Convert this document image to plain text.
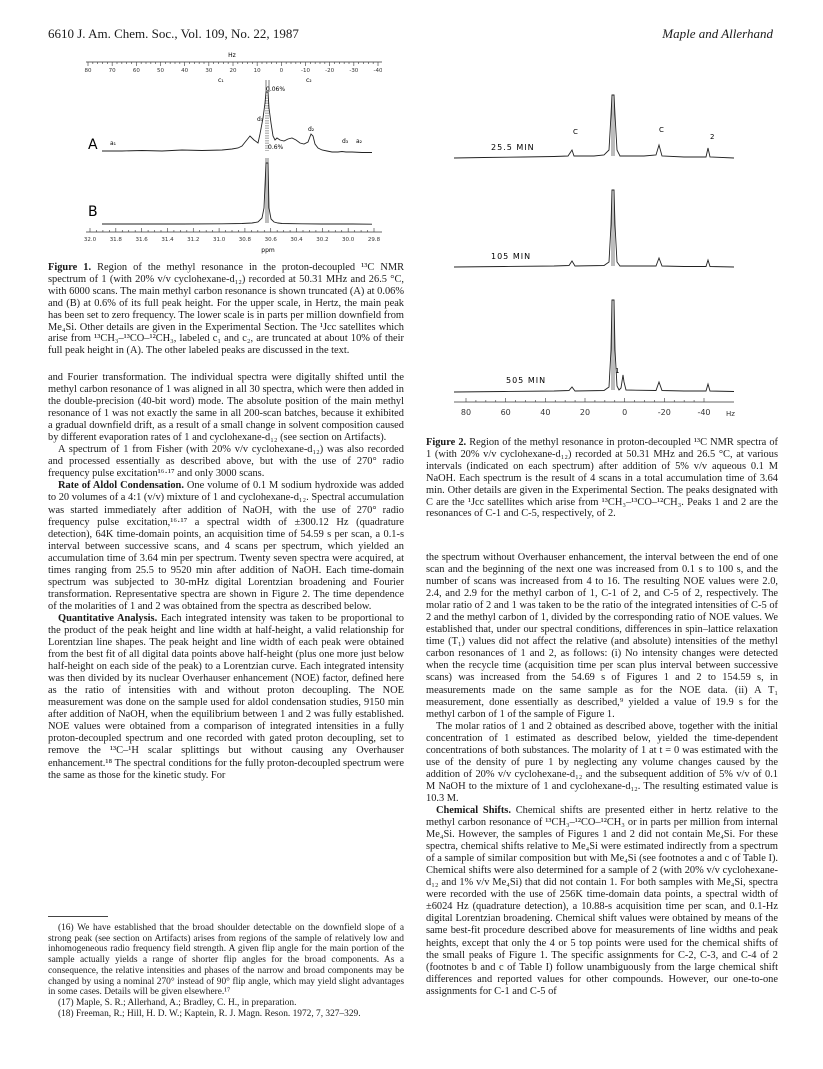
6610 J. Am. Chem. Soc., Vol. 109, No. 22, 1987	Maple and Allerhand
Hz
80	70	60	50	40	30	20	10	0	-10	-20	-30	-40
c₁	c₂
0.06%
d₁
d₂
0.6%
d₃ a₂
a₁
A
B
32.0 31.8 31.6 31.4 31.2 31.0 30.8 30.6 30.4 30.2 30.0 29.8
ppm
Figure 1. Region of the methyl resonance in the proton-decoupled ¹³C NMR spectrum of 1 (with 20% v/v cyclohexane-d₁₂) recorded at 50.31 MHz and 26.5 °C, with 6000 scans. The main methyl carbon resonance is shown truncated (A) at 0.06% and (B) at 0.6% of its full peak height. For the upper scale, in Hertz, the main peak has been set to zero frequency. The lower scale is in parts per million downfield from Me₄Si. Other details are given in the Experimental Section. The ¹Jcc satellites which arise from ¹³CH₃–¹³CO–¹²CH₃, labeled c₁ and c₂, are truncated at about 10% of their full peak height in (A). The other labeled peaks are discussed in the text.
C	C
2
25.5 MIN
105 MIN
1
505 MIN
80	60	40	20	0	-20	-40 Hz
Figure 2. Region of the methyl resonance in proton-decoupled ¹³C NMR spectra of 1 (with 20% v/v cyclohexane-d₁₂) recorded at 50.31 MHz and 26.5 °C, at various intervals (indicated on each spectrum) after addition of 5% v/v aqueous 0.1 M NaOH. Each spectrum is the result of 4 scans in a total accumulation time of 3.64 min. Other details are given in the Experimental Section. The peaks designated with C are the ¹Jcc satellites which arise from ¹³CH₃–¹³CO–¹²CH₃. Peaks 1 and 2 are the resonances of C-1 and C-5, respectively, of 2.

and Fourier transformation. The individual spectra were digitally shifted until the methyl carbon resonance of 1 was aligned in all 30 spectra, which were then added in the double-precision (40-bit word) mode. The absolute position of the main methyl resonance of 1 was not exactly the same in all 200-scan batches, because it exhibited a gradual downfield drift, as a result of a small change in solvent composition caused by different evaporation rates of 1 and cyclohexane-d₁₂ (see section on Artifacts).

A spectrum of 1 from Fisher (with 20% v/v cyclohexane-d₁₂) was also recorded and processed essentially as described above, but with the use of 270° radio frequency pulse excitation¹⁶·¹⁷ and only 3000 scans.

Rate of Aldol Condensation. One volume of 0.1 M sodium hydroxide was added to 20 volumes of a 4:1 (v/v) mixture of 1 and cyclohexane-d₁₂. Spectral accumulation was started immediately after addition of NaOH, with the use of 270° radio frequency pulse excitation,¹⁶·¹⁷ a spectral width of ±300.12 Hz (quadrature detection), 64K time-domain points, an acquisition time of 54.59 s per scan, a 0.1-s interval between successive scans, and 4 scans per spectrum, which yielded an accumulation time of 3.64 min per spectrum. Twenty seven spectra were acquired, at times ranging from 25.5 to 9520 min after addition of NaOH. Each time-domain spectrum was subjected to 30-mHz digital Lorentzian broadening and Fourier transformation. Representative spectra are shown in Figure 2. The time dependence of the molarities of 1 and 2 was obtained from the spectra as described below.

Quantitative Analysis. Each integrated intensity was taken to be proportional to the product of the peak height and line width at half-height, a valid relationship for Lorentzian line shapes. The peak height and line width of each peak were obtained from the best fit of all digital data points above half-height (plus one more just below half-height on each side of the peak) to a Lorentzian curve. Each integrated intensity was then divided by its nuclear Overhauser enhancement (NOE) factor, defined here as the ratio of intensities with and without proton decoupling. The NOE measurement was done on the sample used for aldol condensation studies, 9150 min after addition of NaOH, when the equilibrium between 1 and 2 was fully established. NOE values were obtained from a comparison of integrated intensities in a fully proton-decoupled spectrum and one recorded with gated proton decoupling, set to remove the ¹³C–¹H scalar splittings but without causing any Overhauser enhancement.¹⁸ The spectral conditions for the fully proton-decoupled spectrum were the same as those for the kinetic study. For

(16) We have established that the broad shoulder detectable on the downfield slope of a strong peak (see section on Artifacts) arises from regions of the sample of relatively low and inhomogeneous radio frequency field strength. A given flip angle for the main portion of the sample actually yields a range of shorter flip angles for the broad components. As a consequence, the relative intensities and phases of the narrow and broad components may be changed by using a nominal 270° instead of 90° flip angle, which may yield slight advantages in some cases. Details will be given elsewhere.¹⁷

(17) Maple, S. R.; Allerhand, A.; Bradley, C. H., in preparation.

(18) Freeman, R.; Hill, H. D. W.; Kaptein, R. J. Magn. Reson. 1972, 7, 327–329.

the spectrum without Overhauser enhancement, the interval between the end of one scan and the beginning of the next one was increased from 0.1 s to 100 s, and the number of scans was increased from 4 to 16. The resulting NOE values were 2.0, 2.4, and 2.9 for the methyl carbon of 1, C-1 of 2, and C-5 of 2, respectively. The molar ratio of 2 and 1 was taken to be the ratio of the integrated intensities of C-5 of 2 and the methyl carbon of 1, divided by the corresponding ratio of NOE values. We established that, under our spectral conditions, differences in spin–lattice relaxation time (T₁) values did not affect the relative (and absolute) intensities of the methyl carbon resonances of 1 and 2, as follows: (i) No intensity changes were detected when the recycle time (acquisition time per scan plus interval between successive scans) was increased from the 54.69 s of Figures 1 and 2 to 154.59 s, in measurements made on the same sample as for the NOE data. (ii) A T₁ measurement, done essentially as described,⁹ yielded a value of 19.9 s for the methyl carbon of 1 of the sample of Figure 1.

The molar ratios of 1 and 2 obtained as described above, together with the initial concentration of 1 estimated as described below, yielded the time-dependent concentrations of both substances. The molarity of 1 at t = 0 was estimated with the use of the density of pure 1 by neglecting any volume changes caused by the addition of 20% v/v cyclohexane-d₁₂ and the subsequent addition of 5% v/v of 0.1 M NaOH to the mixture of 1 and cyclohexane-d₁₂. The resulting estimated value is 10.3 M.

Chemical Shifts. Chemical shifts are presented either in hertz relative to the methyl carbon resonance of ¹³CH₃–¹²CO–¹²CH₃ or in parts per million from internal Me₄Si. However, the samples of Figures 1 and 2 did not contain Me₄Si. For these spectra, chemical shifts relative to Me₄Si were estimated indirectly from a spectrum of a sample of similar composition but with Me₄Si (see footnotes a and c of Table I). Chemical shifts were also determined for a sample of 2 (with 20% v/v cyclohexane-d₁₂ and 1% v/v Me₄Si) that did not contain 1. For both samples with Me₄Si, spectra were recorded with the use of 256K time-domain data points, a spectral width of ±6024 Hz (quadrature detection), a 10.88-s acquisition time per scan, and 0.1-Hz digital Lorentzian broadening. Chemical shift values were obtained by means of the same best-fit procedure described above for measurements of line widths and peak heights, except that only the 4 or 5 top points were used for the chemical shifts of the small peaks of Figure 1. The specific assignments for C-2, C-3, and C-4 of 2 (footnotes b and c of Table I) follow unambiguously from the large chemical shift differences and reported values for other compounds. However, our one-to-one assignments for C-1 and C-5 of
